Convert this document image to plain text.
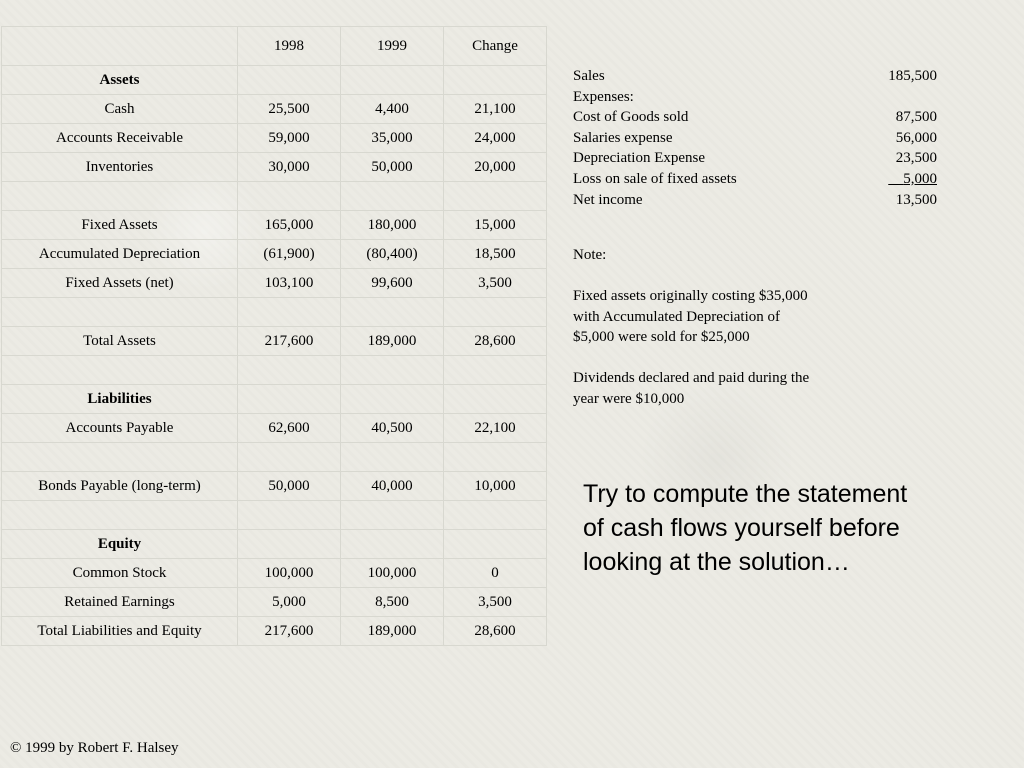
	1998	1999	Change
Assets			
Cash	25,500	4,400	21,100
Accounts Receivable	59,000	35,000	24,000
Inventories	30,000	50,000	20,000

Fixed Assets	165,000	180,000	15,000
Accumulated Depreciation	(61,900)	(80,400)	18,500
Fixed Assets (net)	103,100	99,600	3,500

Total Assets	217,600	189,000	28,600

Liabilities			
Accounts Payable	62,600	40,500	22,100

Bonds Payable (long-term)	50,000	40,000	10,000

Equity			
Common Stock	100,000	100,000	0
Retained Earnings	5,000	8,500	3,500
Total Liabilities and Equity	217,600	189,000	28,600
Sales	185,500
Expenses:
Cost of Goods sold	87,500
Salaries expense	56,000
Depreciation Expense	23,500
Loss on sale of fixed assets	5,000
Net income	13,500

Note:

Fixed assets originally costing $35,000

with Accumulated Depreciation of

$5,000 were sold for $25,000

Dividends declared and paid during the

year were $10,000

Try to compute the statement
of cash flows yourself before
looking at the solution…
© 1999 by Robert F. Halsey
